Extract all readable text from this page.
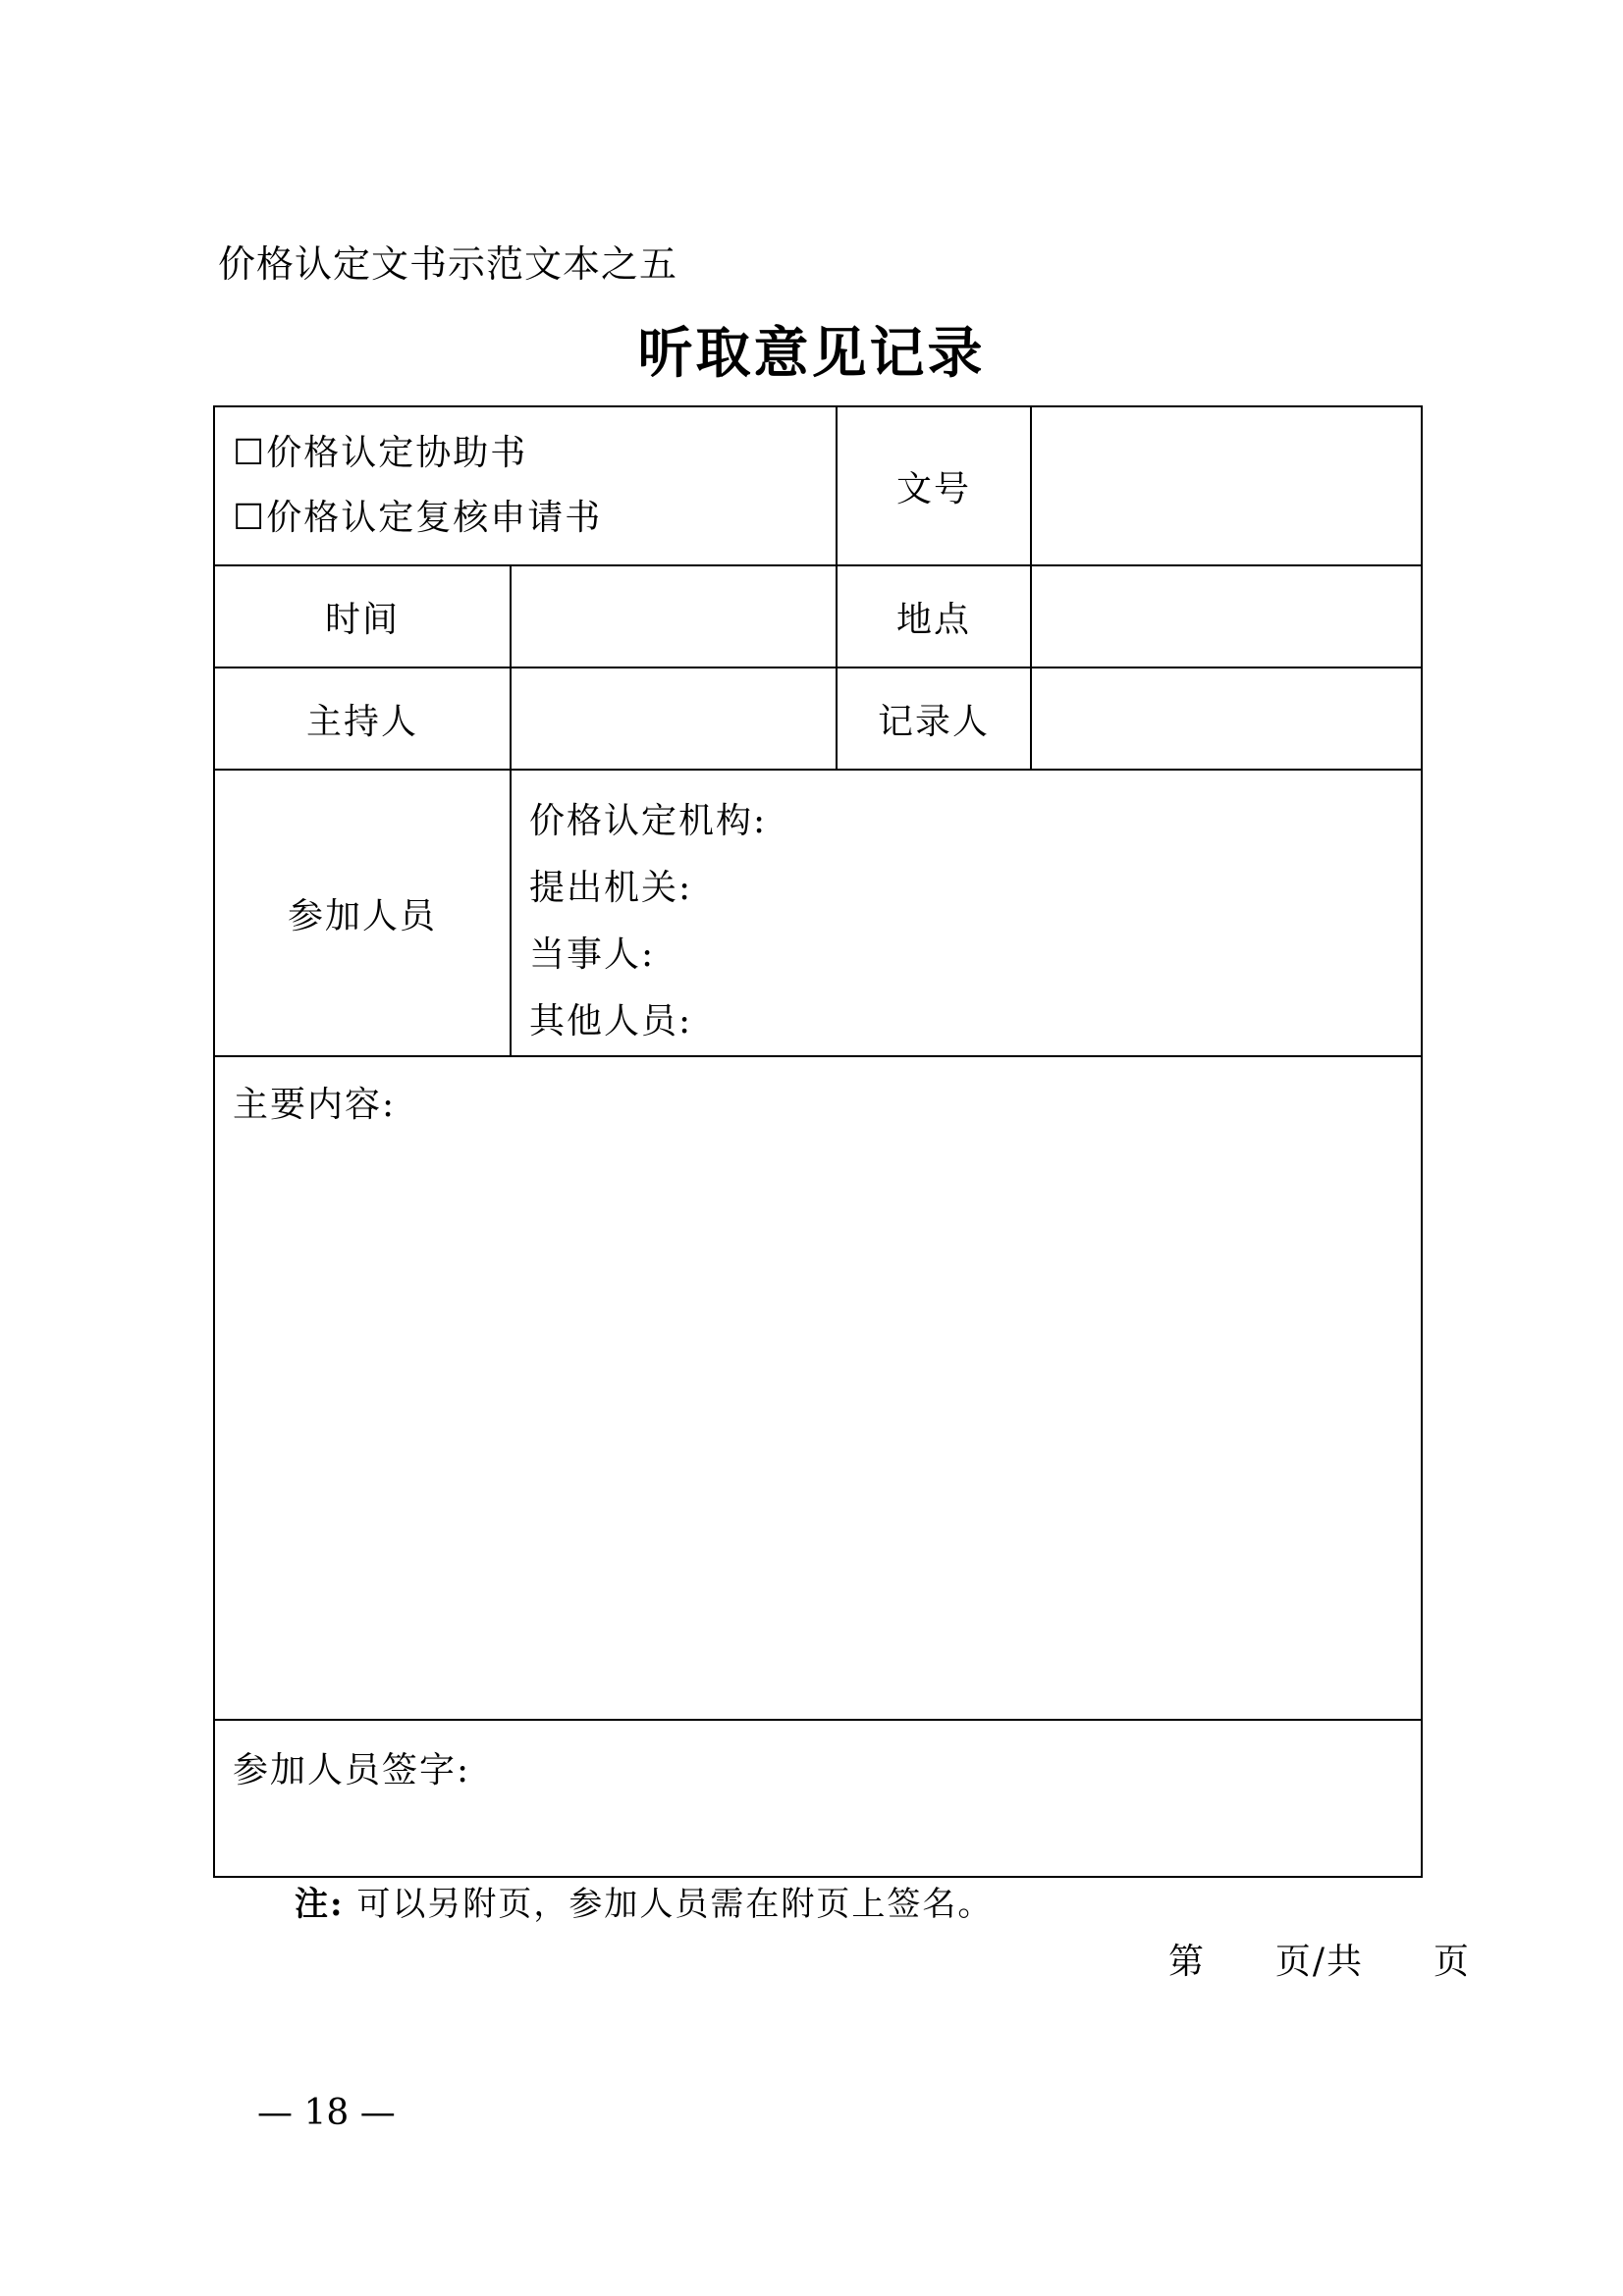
价格认定文书示范文本之五
听取意见记录
☐价格认定协助书
☐价格认定复核申请书		文号	
时间		地点	
主持人		记录人	
参加人员	价格认定机构:
提出机关:
当事人:
其他人员:		

主要内容:			

参加人员签字:			
注: 可以另附页，参加人员需在附页上签名。
第 页/共 页
— 18 —
